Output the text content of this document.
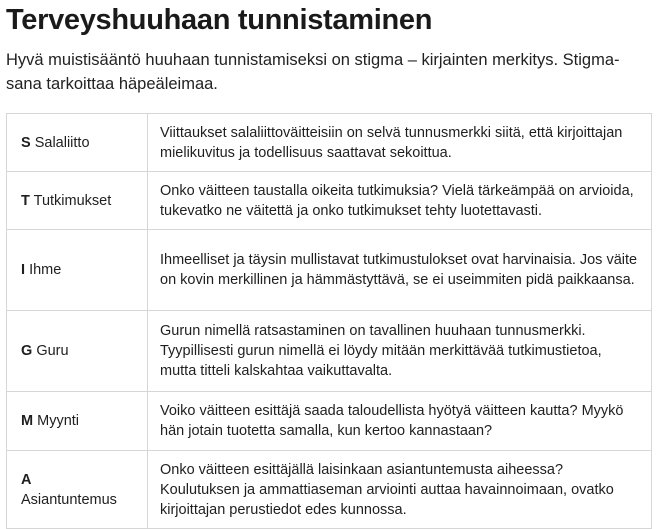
Terveyshuuhaan tunnistaminen

Hyvä muistisääntö huuhaan tunnistamiseksi on stigma – kirjainten merkitys. Stigma-sana tarkoittaa häpeäleimaa.

S Salaliitto	Viittaukset salaliittoväitteisiin on selvä tunnusmerkki siitä, että kirjoittajan mielikuvitus ja todellisuus saattavat sekoittua.
T Tutkimukset	Onko väitteen taustalla oikeita tutkimuksia? Vielä tärkeämpää on arvioida, tukevatko ne väitettä ja onko tutkimukset tehty luotettavasti.
I Ihme	Ihmeelliset ja täysin mullistavat tutkimustulokset ovat harvinaisia. Jos väite on kovin merkillinen ja hämmästyttävä, se ei useimmiten pidä paikkaansa.
G Guru	Gurun nimellä ratsastaminen on tavallinen huuhaan tunnusmerkki. Tyypillisesti gurun nimellä ei löydy mitään merkittävää tutkimustietoa, mutta titteli kalskahtaa vaikuttavalta.
M Myynti	Voiko väitteen esittäjä saada taloudellista hyötyä väitteen kautta? Myykö hän jotain tuotetta samalla, kun kertoo kannastaan?

A
Asiantuntemus	Onko väitteen esittäjällä laisinkaan asiantuntemusta aiheessa? Koulutuksen ja ammattiaseman arviointi auttaa havainnoimaan, ovatko kirjoittajan perustiedot edes kunnossa.
